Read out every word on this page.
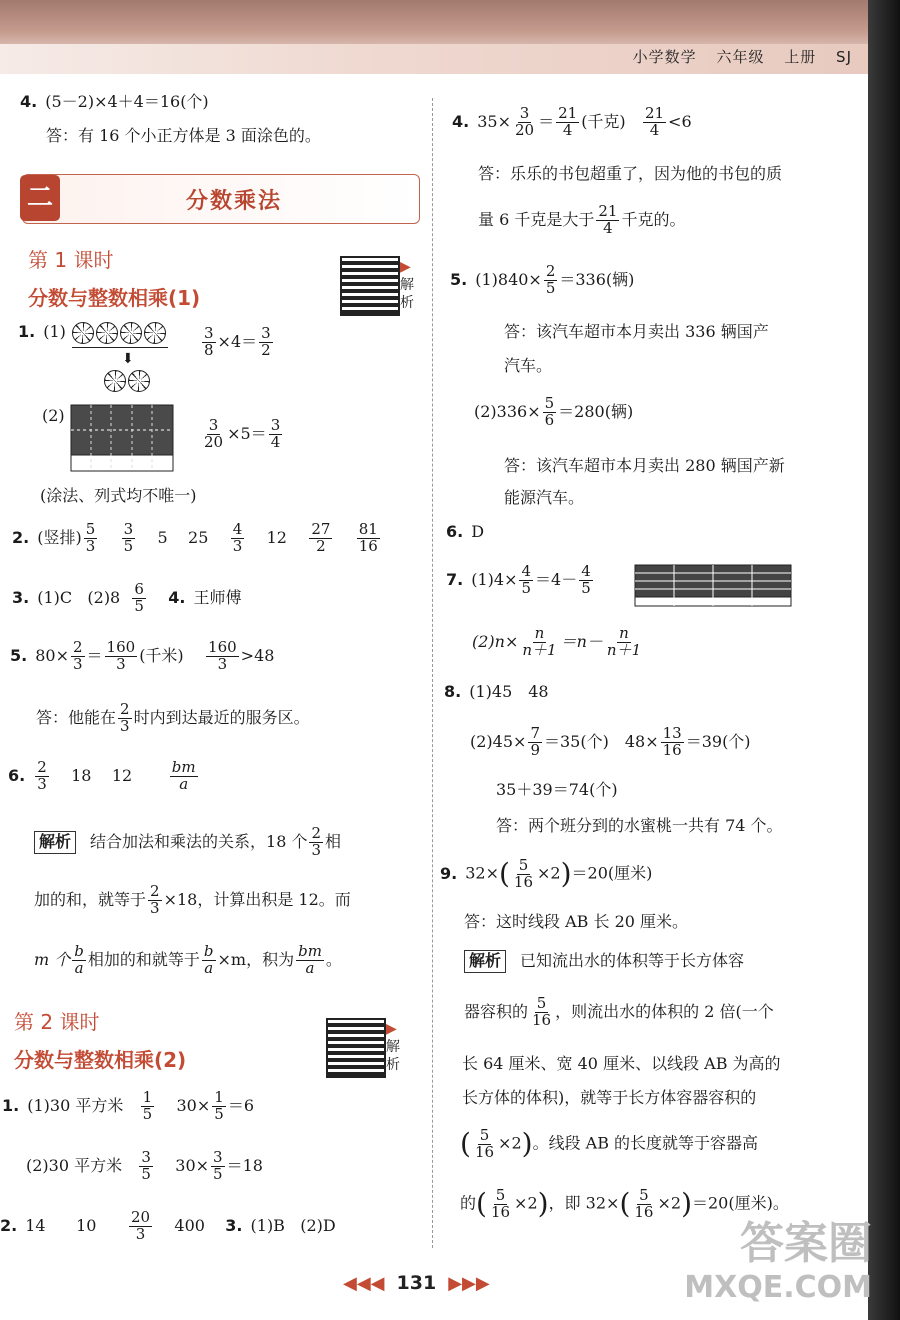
小学数学 六年级 上册 SJ
4. (5－2)×4＋4＝16(个)
答：有 16 个小正方体是 3 面涂色的。
二	分数乘法
第 1 课时
分数与整数相乘(1)
▶
解析
1. (1)
⬇
$\frac{3}{8} \times 4= \frac{3}{2}$
(2)
$\frac{3}{20} \times 5= \frac{3}{4}$
(涂法、列式均不唯一)
2. (竖排) $\frac{5}{3}$
$\frac{3}{5} 5$ $25 \frac{4}{3} 12 \frac{27}{2}$
$\frac{81}{16}$
3. (1)C $(2)8 \frac{6}{5} 4$. 王师傅
5. $80\times \frac{2}{3} = \frac{160}{3}$ (千米) $\frac{160}{3} >48$
答：他能在 $\frac{2}{3}$ 时内到达最近的服务区。
6. $\frac{2}{3} 18$ 12	$\frac{bm}{a}$
解析 结合加法和乘法的关系，18 个 $\frac{2}{3}$ 相
加的和，就等于 $\frac{2}{3} \times 18$，计算出积是 12。而
m 个 $\frac{b}{a}$ 相加的和就等于 $\frac{b}{a} \times m$，积为 $\frac{bm}{a}$ 。
第 2 课时
分数与整数相乘(2)
▶
解析
1. (1)30 平方米 $\frac{1}{5} 30\times \frac{1}{5} =6$
(2)30 平方米 $\frac{3}{5} 30\times \frac{3}{5} =18$
2. 14 $10 \frac{20}{3} 400$ 3. (1)B (2)D
4. $35\times \frac{3}{20} = \frac{21}{4}$ (千克) $\frac{21}{4} <6$
答：乐乐的书包超重了，因为他的书包的质
量 6 千克是大于 $\frac{21}{4}$ 千克的。
5. $(1)840\times \frac{2}{5} =336$(辆)
答：该汽车超市本月卖出 336 辆国产
汽车。
$(2)336\times \frac{5}{6} =280$(辆)
答：该汽车超市本月卖出 280 辆国产新
能源汽车。
6. D
7. $(1)4\times \frac{4}{5} =4- \frac{4}{5}$
$(2)n\times \frac{n}{n+1} =n- \frac{n}{n+1}$
8. (1)45　48
$(2)45\times \frac{7}{9} =35$(个)　$48\times \frac{13}{16} =39$(个)
35＋39＝74(个)
答：两个班分到的水蜜桃一共有 74 个。
9. $32\times( \frac{5}{16} \times 2)=20$(厘米)
答：这时线段 AB 长 20 厘米。
解析 已知流出水的体积等于长方体容
器容积的 $\frac{5}{16}$ ，则流出水的体积的 2 倍(一个
长 64 厘米、宽 40 厘米、以线段 AB 为高的
长方体的体积)，就等于长方体容器容积的
( $\frac{5}{16} \times 2$)。线段 AB 的长度就等于容器高
的( $\frac{5}{16} \times 2$)，即 $32\times( \frac{5}{16} \times 2)=20$(厘米)。
◀◀◀ 131 ▶▶▶
答案圈
MXQE.COM
